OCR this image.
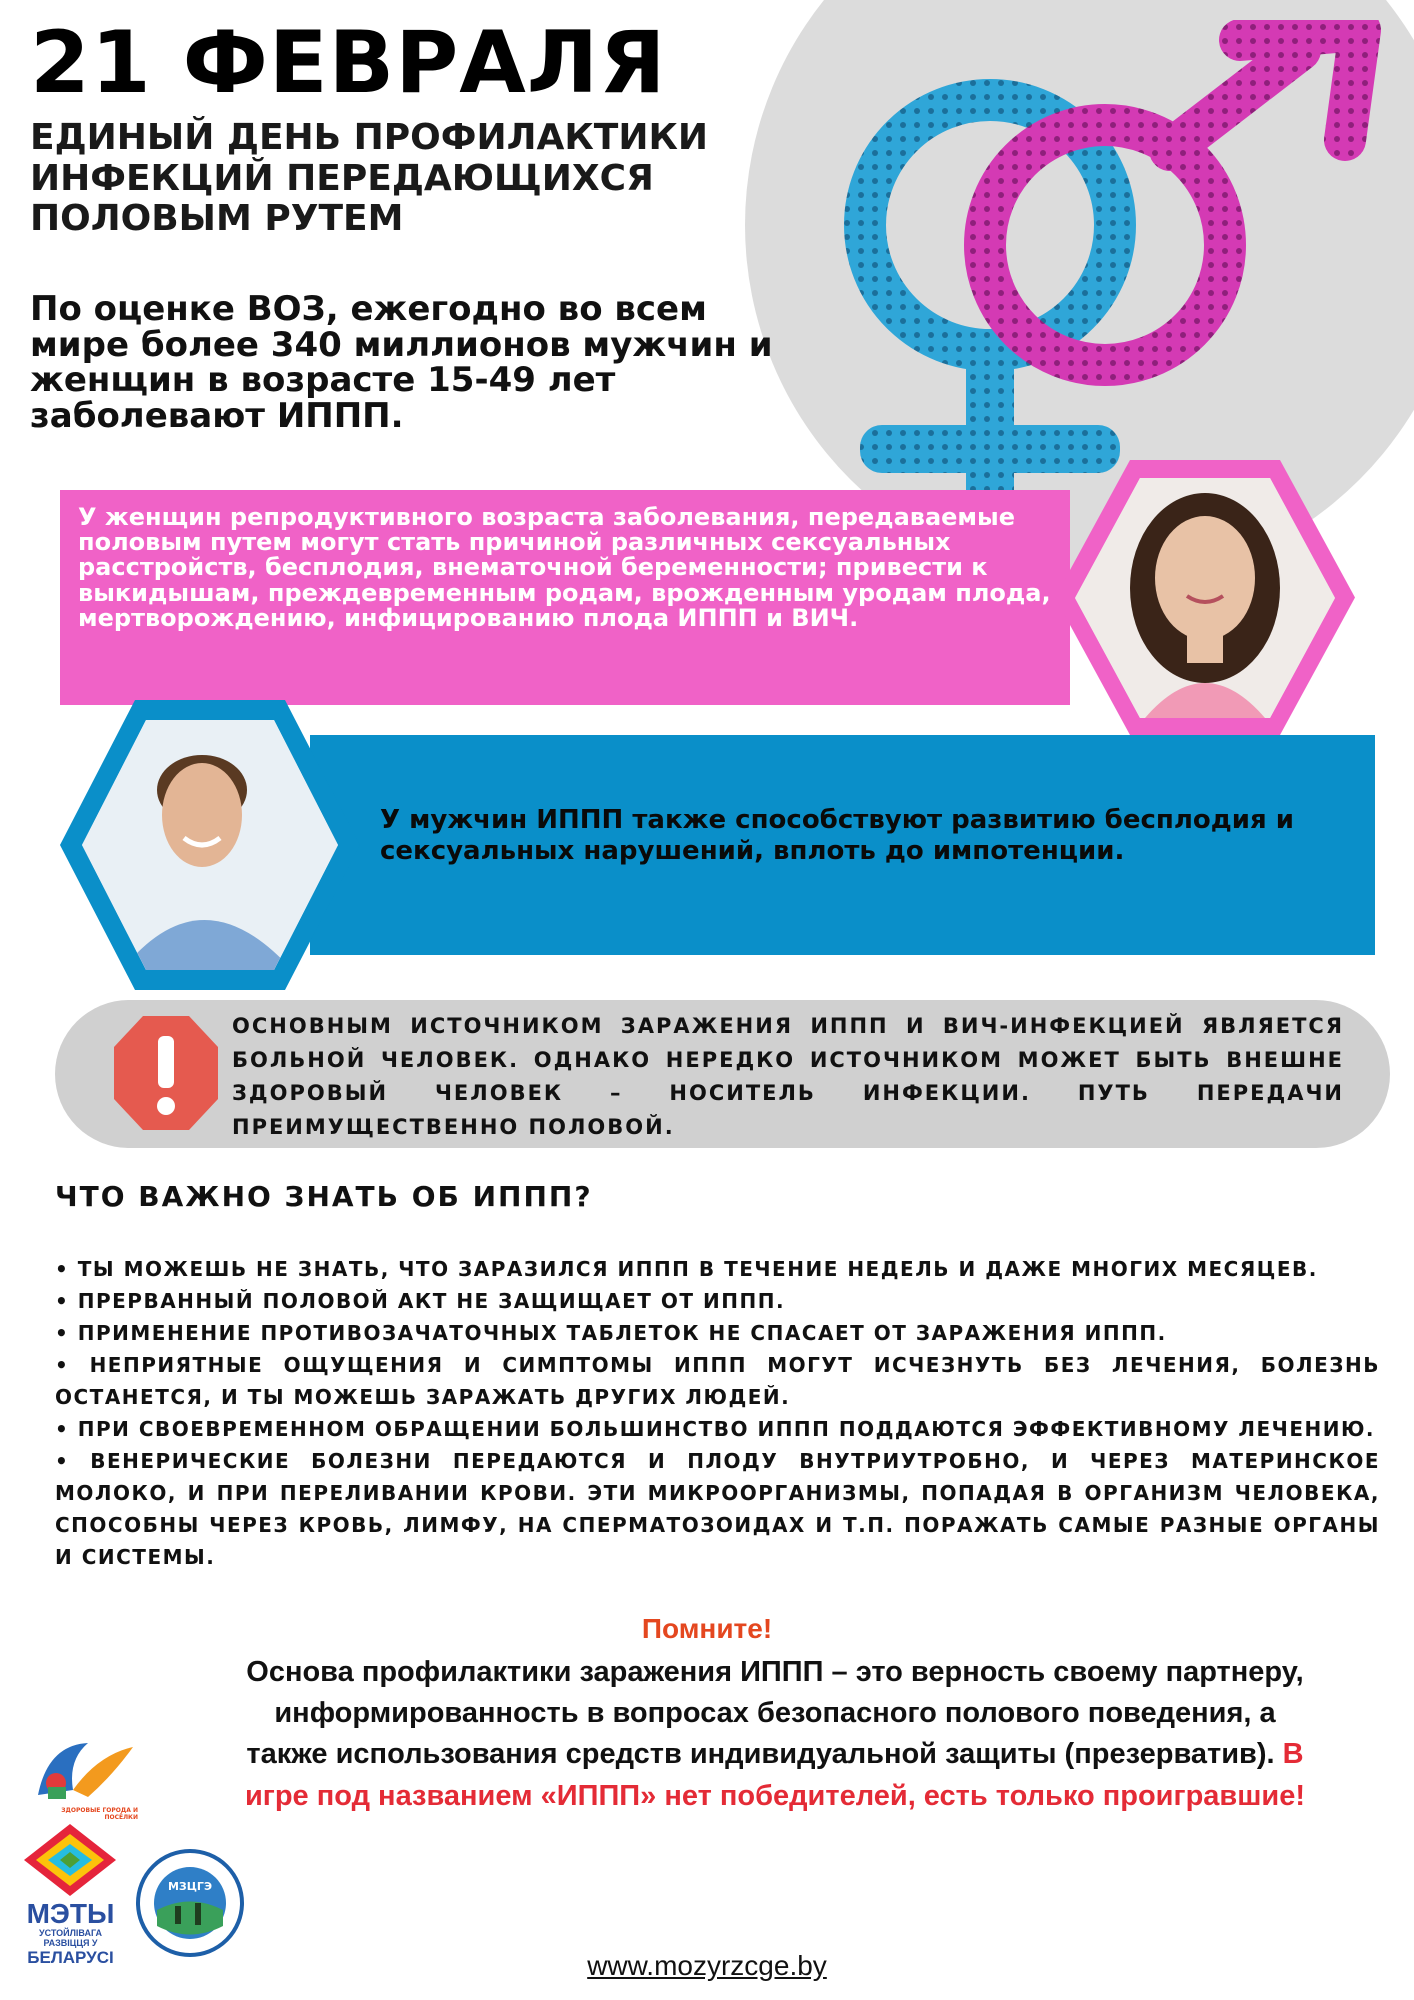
21 ФЕВРАЛЯ
ЕДИНЫЙ ДЕНЬ ПРОФИЛАКТИКИ ИНФЕКЦИЙ ПЕРЕДАЮЩИХСЯ ПОЛОВЫМ РУТЕМ

По оценке ВОЗ, ежегодно во всем мире более 340 миллионов мужчин и женщин в возрасте 15-49 лет заболевают ИППП.

У женщин репродуктивного возраста заболевания, передаваемые половым путем могут стать причиной различных сексуальных расстройств, бесплодия, внематочной беременности; привести к выкидышам, преждевременным родам, врожденным уродам плода, мертворождению, инфицированию плода ИППП и ВИЧ.
У мужчин ИППП также способствуют развитию бесплодия и сексуальных нарушений, вплоть до импотенции.
ОСНОВНЫМ ИСТОЧНИКОМ ЗАРАЖЕНИЯ ИППП И ВИЧ-ИНФЕКЦИЕЙ ЯВЛЯЕТСЯ БОЛЬНОЙ ЧЕЛОВЕК. ОДНАКО НЕРЕДКО ИСТОЧНИКОМ МОЖЕТ БЫТЬ ВНЕШНЕ ЗДОРОВЫЙ ЧЕЛОВЕК – НОСИТЕЛЬ ИНФЕКЦИИ. ПУТЬ ПЕРЕДАЧИ ПРЕИМУЩЕСТВЕННО ПОЛОВОЙ.
ЧТО ВАЖНО ЗНАТЬ ОБ ИППП?
• ТЫ МОЖЕШЬ НЕ ЗНАТЬ, ЧТО ЗАРАЗИЛСЯ ИППП В ТЕЧЕНИЕ НЕДЕЛЬ И ДАЖЕ МНОГИХ МЕСЯЦЕВ.
• ПРЕРВАННЫЙ ПОЛОВОЙ АКТ НЕ ЗАЩИЩАЕТ ОТ ИППП.
• ПРИМЕНЕНИЕ ПРОТИВОЗАЧАТОЧНЫХ ТАБЛЕТОК НЕ СПАСАЕТ ОТ ЗАРАЖЕНИЯ ИППП.
• НЕПРИЯТНЫЕ ОЩУЩЕНИЯ И СИМПТОМЫ ИППП МОГУТ ИСЧЕЗНУТЬ БЕЗ ЛЕЧЕНИЯ, БОЛЕЗНЬ ОСТАНЕТСЯ, И ТЫ МОЖЕШЬ ЗАРАЖАТЬ ДРУГИХ ЛЮДЕЙ.
• ПРИ СВОЕВРЕМЕННОМ ОБРАЩЕНИИ БОЛЬШИНСТВО ИППП ПОДДАЮТСЯ ЭФФЕКТИВНОМУ ЛЕЧЕНИЮ.
• ВЕНЕРИЧЕСКИЕ БОЛЕЗНИ ПЕРЕДАЮТСЯ И ПЛОДУ ВНУТРИУТРОБНО, И ЧЕРЕЗ МАТЕРИНСКОЕ МОЛОКО, И ПРИ ПЕРЕЛИВАНИИ КРОВИ. ЭТИ МИКРООРГАНИЗМЫ, ПОПАДАЯ В ОРГАНИЗМ ЧЕЛОВЕКА, СПОСОБНЫ ЧЕРЕЗ КРОВЬ, ЛИМФУ, НА СПЕРМАТОЗОИДАХ И Т.П. ПОРАЖАТЬ САМЫЕ РАЗНЫЕ ОРГАНЫ И СИСТЕМЫ.
Помните!
Основа профилактики заражения ИППП – это верность своему партнеру, информированность в вопросах безопасного полового поведения, а также использования средств индивидуальной защиты (презерватив). В игре под названием «ИППП» нет победителей, есть только проигравшие!
ЗДОРОВЫЕ ГОРОДА И ПОСЁЛКИ
МЭТЫ
УСТОЙЛІВАГА РАЗВІЦЦЯ У
БЕЛАРУСІ
МЗЦГЭ
www.mozyrzcge.by
